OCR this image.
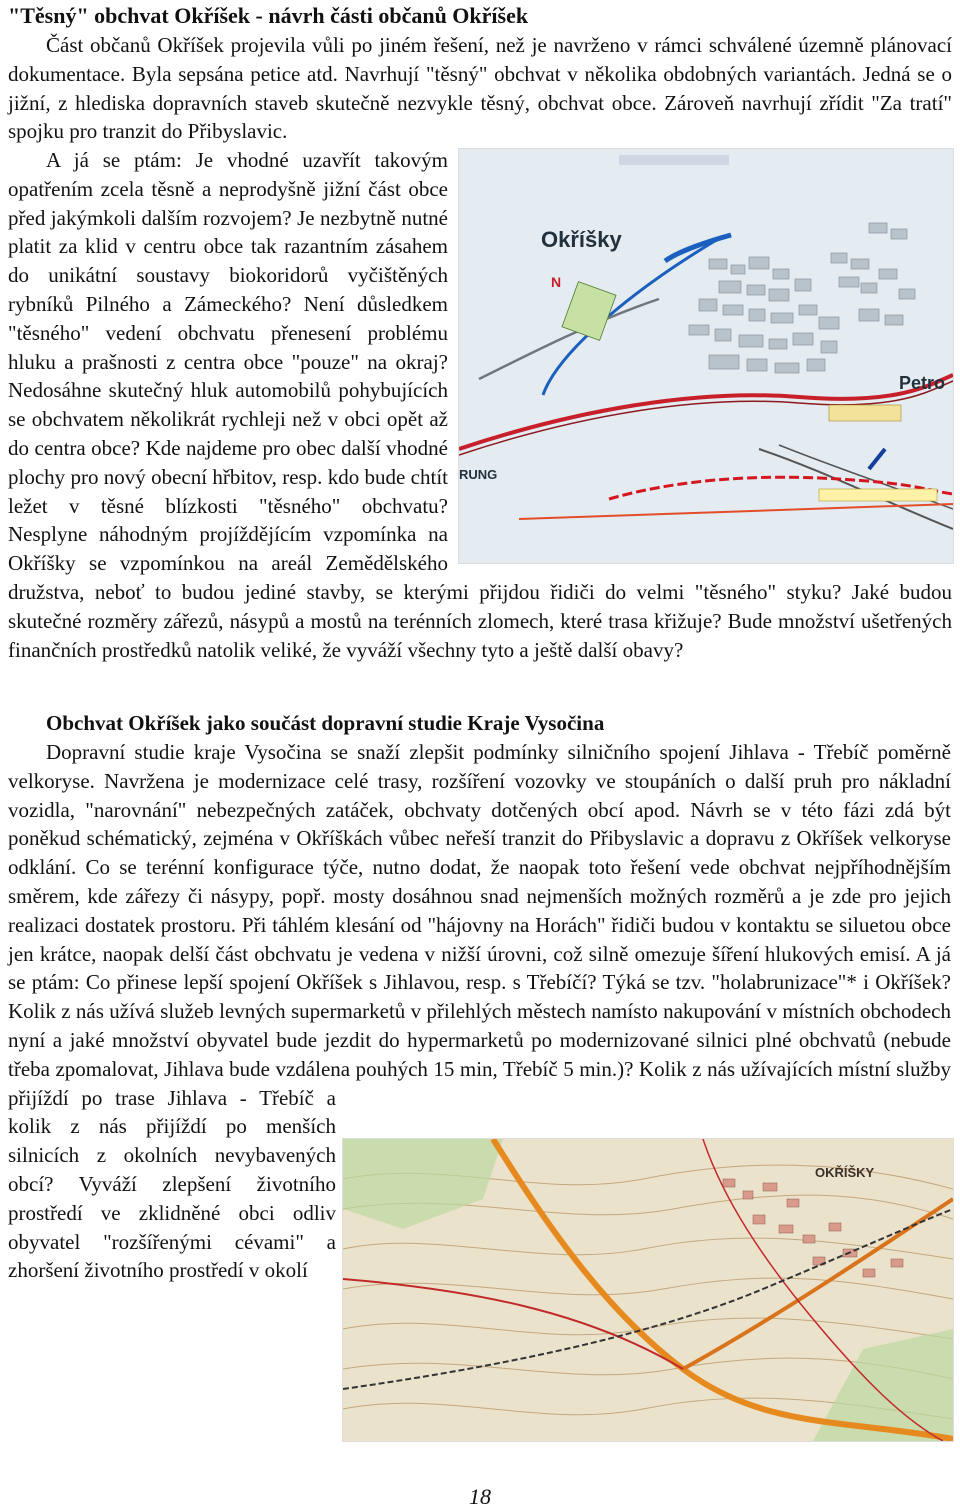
"Těsný" obchvat Okříšek - návrh části občanů Okříšek

Část občanů Okříšek projevila vůli po jiném řešení, než je navrženo v rámci schválené územně plánovací dokumentace. Byla sepsána petice atd. Navrhují "těsný" obchvat v několika obdobných variantách. Jedná se o jižní, z hlediska dopravních staveb skutečně nezvykle těsný, obchvat obce. Zároveň navrhují zřídit "Za tratí" spojku pro tranzit do Přibyslavic.

Okříšky
Petro
RUNG
N

A já se ptám: Je vhodné uzavřít takovým opatřením zcela těsně a neprodyšně jižní část obce před jakýmkoli dalším rozvojem? Je nezbytně nutné platit za klid v centru obce tak razantním zásahem do unikátní soustavy biokoridorů vyčištěných rybníků Pilného a Zámeckého? Není důsledkem "těsného" vedení obchvatu přenesení problému hluku a prašnosti z centra obce "pouze" na okraj? Nedosáhne skutečný hluk automobilů pohybujících se obchvatem několikrát rychleji než v obci opět až do centra obce? Kde najdeme pro obec další vhodné plochy pro nový obecní hřbitov, resp. kdo bude chtít ležet v těsné blízkosti "těsného" obchvatu? Nesplyne náhodným projíždějícím vzpomínka na Okříšky se vzpomínkou na areál Zemědělského družstva, neboť to budou jediné stavby, se kterými přijdou řidiči do velmi "těsného" styku? Jaké budou skutečné rozměry zářezů, násypů a mostů na terénních zlomech, které trasa křižuje? Bude množství ušetřených finančních prostředků natolik veliké, že vyváží všechny tyto a ještě další obavy?

Obchvat Okříšek jako součást dopravní studie Kraje Vysočina
OKŘÍŠKY

Dopravní studie kraje Vysočina se snaží zlepšit podmínky silničního spojení Jihlava - Třebíč poměrně velkoryse. Navržena je modernizace celé trasy, rozšíření vozovky ve stoupáních o další pruh pro nákladní vozidla, "narovnání" nebezpečných zatáček, obchvaty dotčených obcí apod. Návrh se v této fázi zdá být poněkud schématický, zejména v Okříškách vůbec neřeší tranzit do Přibyslavic a dopravu z Okříšek velkoryse odklání. Co se terénní konfigurace týče, nutno dodat, že naopak toto řešení vede obchvat nejpříhodnějším směrem, kde zářezy či násypy, popř. mosty dosáhnou snad nejmenších možných rozměrů a je zde pro jejich realizaci dostatek prostoru. Při táhlém klesání od "hájovny na Horách" řidiči budou v kontaktu se siluetou obce jen krátce, naopak delší část obchvatu je vedena v nižší úrovni, což silně omezuje šíření hlukových emisí. A já se ptám: Co přinese lepší spojení Okříšek s Jihlavou, resp. s Třebíčí? Týká se tzv. "holabrunizace"* i Okříšek? Kolik z nás užívá služeb levných supermarketů v přilehlých městech namísto nakupování v místních obchodech nyní a jaké množství obyvatel bude jezdit do hypermarketů po modernizované silnici plné obchvatů (nebude třeba zpomalovat, Jihlava bude vzdálena pouhých 15 min, Třebíč 5 min.)? Kolik z nás užívajících místní služby přijíždí po trase Jihlava - Třebíč a kolik z nás přijíždí po menších silnicích z okolních nevybavených obcí? Vyváží zlepšení životního prostředí ve zklidněné obci odliv obyvatel "rozšířenými cévami" a zhoršení životního prostředí v okolí

18
